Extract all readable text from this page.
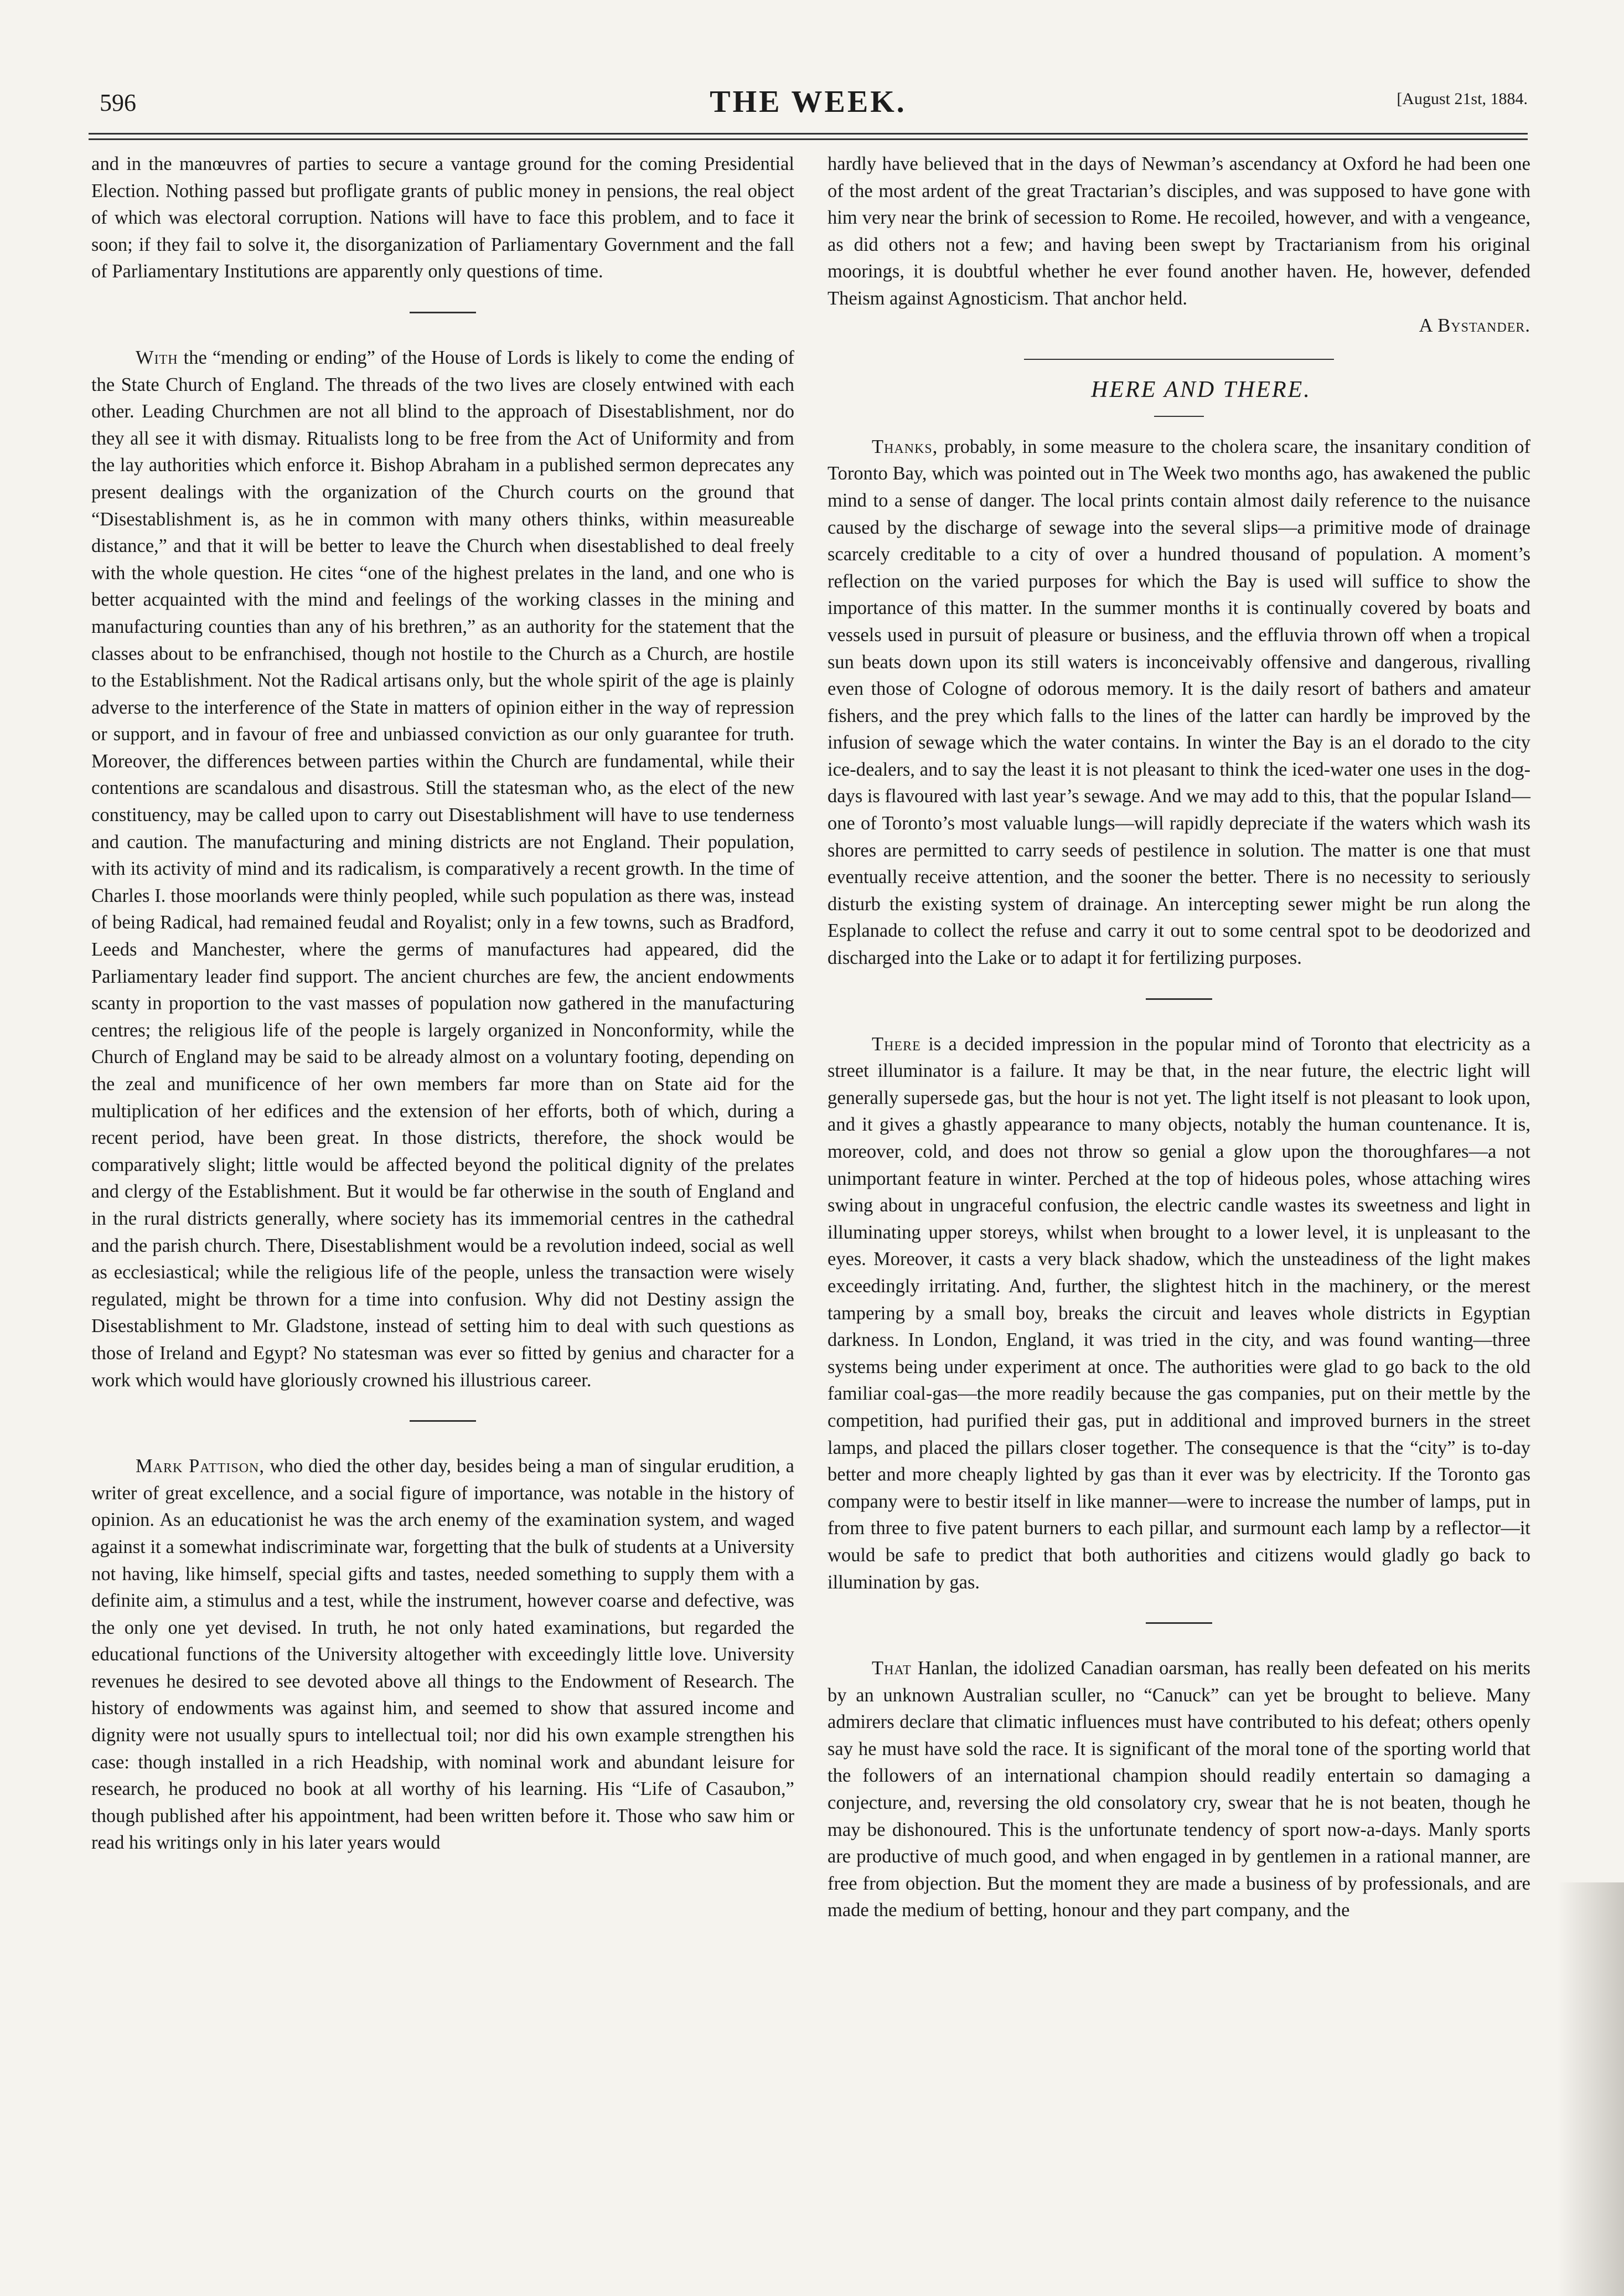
596	THE WEEK.	[August 21st, 1884.

and in the manœuvres of parties to secure a vantage ground for the coming Presidential Election. Nothing passed but profligate grants of public money in pensions, the real object of which was electoral corruption. Nations will have to face this problem, and to face it soon; if they fail to solve it, the disorganization of Parliamentary Government and the fall of Parliamentary Institutions are apparently only questions of time.

With the “mending or ending” of the House of Lords is likely to come the ending of the State Church of England. The threads of the two lives are closely entwined with each other. Leading Churchmen are not all blind to the approach of Disestablishment, nor do they all see it with dismay. Ritualists long to be free from the Act of Uniformity and from the lay authorities which enforce it. Bishop Abraham in a published sermon deprecates any present dealings with the organization of the Church courts on the ground that “Disestablishment is, as he in common with many others thinks, within measureable distance,” and that it will be better to leave the Church when disestablished to deal freely with the whole question. He cites “one of the highest prelates in the land, and one who is better acquainted with the mind and feelings of the working classes in the mining and manufacturing counties than any of his brethren,” as an authority for the statement that the classes about to be enfranchised, though not hostile to the Church as a Church, are hostile to the Establishment. Not the Radical artisans only, but the whole spirit of the age is plainly adverse to the interference of the State in matters of opinion either in the way of repression or support, and in favour of free and unbiassed conviction as our only guarantee for truth. Moreover, the differences between parties within the Church are fundamental, while their contentions are scandalous and disastrous. Still the statesman who, as the elect of the new constituency, may be called upon to carry out Disestablishment will have to use tenderness and caution. The manufacturing and mining districts are not England. Their population, with its activity of mind and its radicalism, is comparatively a recent growth. In the time of Charles I. those moorlands were thinly peopled, while such population as there was, instead of being Radical, had remained feudal and Royalist; only in a few towns, such as Bradford, Leeds and Manchester, where the germs of manufactures had appeared, did the Parliamentary leader find support. The ancient churches are few, the ancient endowments scanty in proportion to the vast masses of population now gathered in the manufacturing centres; the religious life of the people is largely organized in Nonconformity, while the Church of England may be said to be already almost on a voluntary footing, depending on the zeal and munificence of her own members far more than on State aid for the multiplication of her edifices and the extension of her efforts, both of which, during a recent period, have been great. In those districts, therefore, the shock would be comparatively slight; little would be affected beyond the political dignity of the prelates and clergy of the Establishment. But it would be far otherwise in the south of England and in the rural districts generally, where society has its immemorial centres in the cathedral and the parish church. There, Disestablishment would be a revolution indeed, social as well as ecclesiastical; while the religious life of the people, unless the transaction were wisely regulated, might be thrown for a time into confusion. Why did not Destiny assign the Disestablishment to Mr. Gladstone, instead of setting him to deal with such questions as those of Ireland and Egypt? No statesman was ever so fitted by genius and character for a work which would have gloriously crowned his illustrious career.

Mark Pattison, who died the other day, besides being a man of singular erudition, a writer of great excellence, and a social figure of importance, was notable in the history of opinion. As an educationist he was the arch enemy of the examination system, and waged against it a somewhat indiscriminate war, forgetting that the bulk of students at a University not having, like himself, special gifts and tastes, needed something to supply them with a definite aim, a stimulus and a test, while the instrument, however coarse and defective, was the only one yet devised. In truth, he not only hated examinations, but regarded the educational functions of the University altogether with exceedingly little love. University revenues he desired to see devoted above all things to the Endowment of Research. The history of endowments was against him, and seemed to show that assured income and dignity were not usually spurs to intellectual toil; nor did his own example strengthen his case: though installed in a rich Headship, with nominal work and abundant leisure for research, he produced no book at all worthy of his learning. His “Life of Casaubon,” though published after his appointment, had been written before it. Those who saw him or read his writings only in his later years would

hardly have believed that in the days of Newman’s ascendancy at Oxford he had been one of the most ardent of the great Tractarian’s disciples, and was supposed to have gone with him very near the brink of secession to Rome. He recoiled, however, and with a vengeance, as did others not a few; and having been swept by Tractarianism from his original moorings, it is doubtful whether he ever found another haven. He, however, defended Theism against Agnosticism. That anchor held.

A Bystander.

HERE AND THERE.

Thanks, probably, in some measure to the cholera scare, the insanitary condition of Toronto Bay, which was pointed out in The Week two months ago, has awakened the public mind to a sense of danger. The local prints contain almost daily reference to the nuisance caused by the discharge of sewage into the several slips—a primitive mode of drainage scarcely creditable to a city of over a hundred thousand of population. A moment’s reflection on the varied purposes for which the Bay is used will suffice to show the importance of this matter. In the summer months it is continually covered by boats and vessels used in pursuit of pleasure or business, and the effluvia thrown off when a tropical sun beats down upon its still waters is inconceivably offensive and dangerous, rivalling even those of Cologne of odorous memory. It is the daily resort of bathers and amateur fishers, and the prey which falls to the lines of the latter can hardly be improved by the infusion of sewage which the water contains. In winter the Bay is an el dorado to the city ice-dealers, and to say the least it is not pleasant to think the iced-water one uses in the dog-days is flavoured with last year’s sewage. And we may add to this, that the popular Island—one of Toronto’s most valuable lungs—will rapidly depreciate if the waters which wash its shores are permitted to carry seeds of pestilence in solution. The matter is one that must eventually receive attention, and the sooner the better. There is no necessity to seriously disturb the existing system of drainage. An intercepting sewer might be run along the Esplanade to collect the refuse and carry it out to some central spot to be deodorized and discharged into the Lake or to adapt it for fertilizing purposes.

There is a decided impression in the popular mind of Toronto that electricity as a street illuminator is a failure. It may be that, in the near future, the electric light will generally supersede gas, but the hour is not yet. The light itself is not pleasant to look upon, and it gives a ghastly appearance to many objects, notably the human countenance. It is, moreover, cold, and does not throw so genial a glow upon the thoroughfares—a not unimportant feature in winter. Perched at the top of hideous poles, whose attaching wires swing about in ungraceful confusion, the electric candle wastes its sweetness and light in illuminating upper storeys, whilst when brought to a lower level, it is unpleasant to the eyes. Moreover, it casts a very black shadow, which the unsteadiness of the light makes exceedingly irritating. And, further, the slightest hitch in the machinery, or the merest tampering by a small boy, breaks the circuit and leaves whole districts in Egyptian darkness. In London, England, it was tried in the city, and was found wanting—three systems being under experiment at once. The authorities were glad to go back to the old familiar coal-gas—the more readily because the gas companies, put on their mettle by the competition, had purified their gas, put in additional and improved burners in the street lamps, and placed the pillars closer together. The consequence is that the “city” is to-day better and more cheaply lighted by gas than it ever was by electricity. If the Toronto gas company were to bestir itself in like manner—were to increase the number of lamps, put in from three to five patent burners to each pillar, and surmount each lamp by a reflector—it would be safe to predict that both authorities and citizens would gladly go back to illumination by gas.

That Hanlan, the idolized Canadian oarsman, has really been defeated on his merits by an unknown Australian sculler, no “Canuck” can yet be brought to believe. Many admirers declare that climatic influences must have contributed to his defeat; others openly say he must have sold the race. It is significant of the moral tone of the sporting world that the followers of an international champion should readily entertain so damaging a conjecture, and, reversing the old consolatory cry, swear that he is not beaten, though he may be dishonoured. This is the unfortunate tendency of sport now-a-days. Manly sports are productive of much good, and when engaged in by gentlemen in a rational manner, are free from objection. But the moment they are made a business of by professionals, and are made the medium of betting, honour and they part company, and the
